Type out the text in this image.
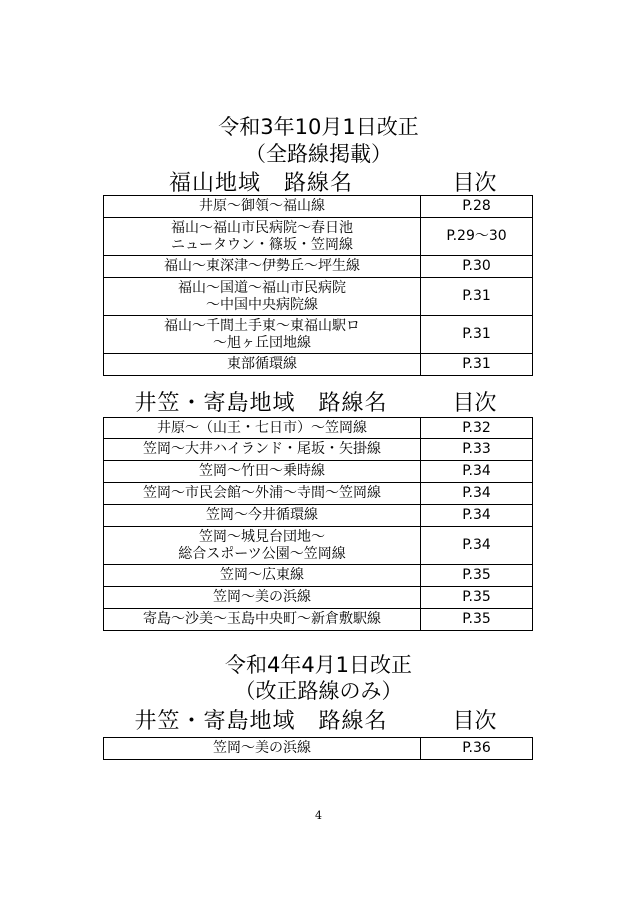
令和3年10月1日改正
（全路線掲載）
福山地域　路線名	目次
井原～御領～福山線	P.28

福山～福山市民病院～春日池
ニュータウン・篠坂・笠岡線	P.29～30

福山～東深津～伊勢丘～坪生線	P.30

福山～国道～福山市民病院
～中国中央病院線	P.31

福山～千間土手東～東福山駅ロ
～旭ヶ丘団地線	P.31

東部循環線	P.31
井笠・寄島地域　路線名	目次
井原～（山王・七日市）～笠岡線	P.32

笠岡～大井ハイランド・尾坂・矢掛線	P.33

笠岡～竹田～乗時線	P.34

笠岡～市民会館～外浦～寺間～笠岡線	P.34

笠岡～今井循環線	P.34

笠岡～城見台団地～
総合スポーツ公園～笠岡線	P.34

笠岡～広東線	P.35

笠岡～美の浜線	P.35

寄島～沙美～玉島中央町～新倉敷駅線	P.35
令和4年4月1日改正
（改正路線のみ）
井笠・寄島地域　路線名	目次
笠岡～美の浜線	P.36
4
